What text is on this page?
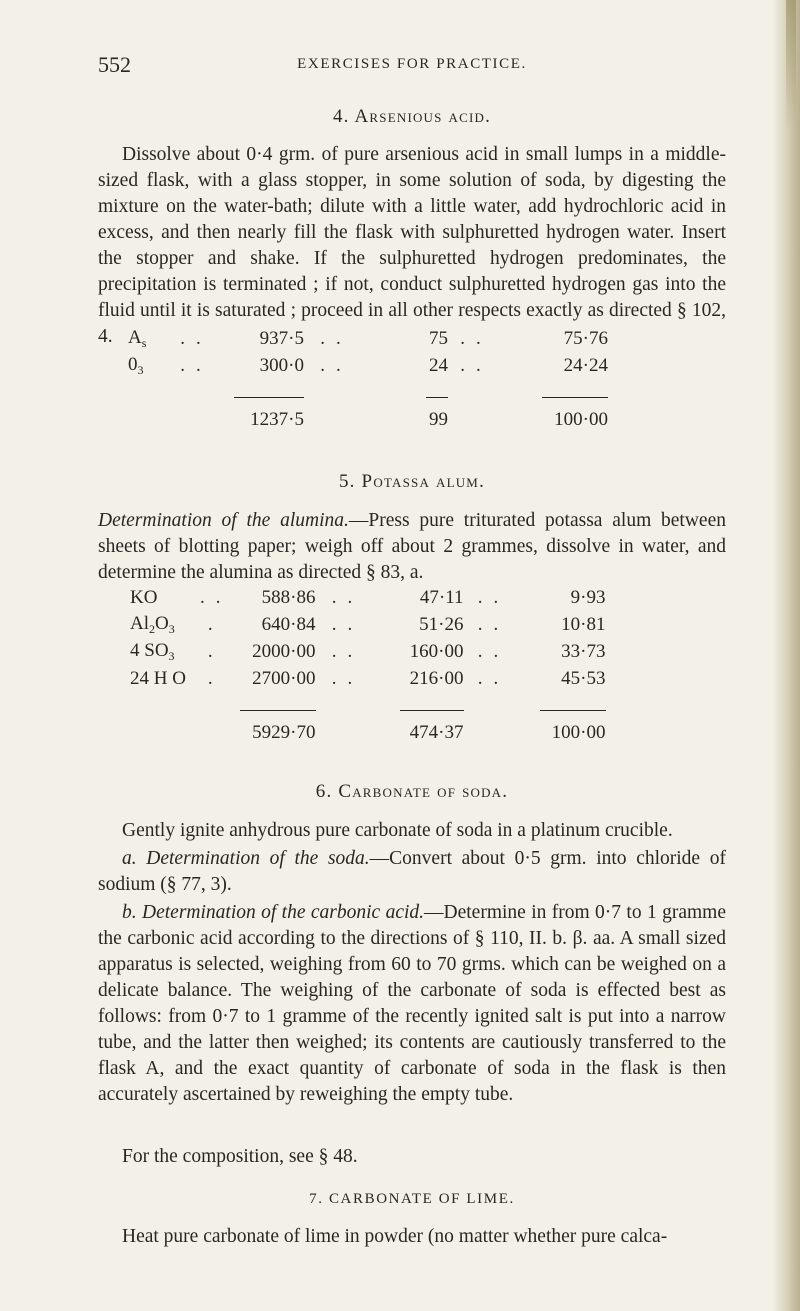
552	EXERCISES FOR PRACTICE.
4. Arsenious acid.

Dissolve about 0·4 grm. of pure arsenious acid in small lumps in a middle-sized flask, with a glass stopper, in some solution of soda, by digesting the mixture on the water-bath; dilute with a little water, add hydrochloric acid in excess, and then nearly fill the flask with sulphuretted hydrogen water. Insert the stopper and shake. If the sulphuretted hydrogen predominates, the precipitation is terminated ; if not, conduct sulphuretted hydrogen gas into the fluid until it is saturated ; proceed in all other respects exactly as directed § 102, 4. $A_s$	..	937·5	..	75	..	75·76
$0_3$	..	300·0	..	24	..	24·24

		1237·5		99		100·00
5. Potassa alum.

Determination of the alumina.—Press pure triturated potassa alum between sheets of blotting paper; weigh off about 2 grammes, dissolve in water, and determine the alumina as directed § 83, a.

KO	..	588·86	..	47·11	..	9·93
$Al_2O_3$	.	640·84	..	51·26	..	10·81
4 $SO_3$	.	2000·00	..	160·00	..	33·73
24 H O	.	2700·00	..	216·00	..	45·53

		5929·70		474·37		100·00
6. Carbonate of soda.

Gently ignite anhydrous pure carbonate of soda in a platinum crucible.

a. Determination of the soda.—Convert about 0·5 grm. into chloride of sodium (§ 77, 3).

b. Determination of the carbonic acid.—Determine in from 0·7 to 1 gramme the carbonic acid according to the directions of § 110, II. b. β. aa. A small sized apparatus is selected, weighing from 60 to 70 grms. which can be weighed on a delicate balance. The weighing of the carbonate of soda is effected best as follows: from 0·7 to 1 gramme of the recently ignited salt is put into a narrow tube, and the latter then weighed; its contents are cautiously transferred to the flask A, and the exact quantity of carbonate of soda in the flask is then accurately ascertained by reweighing the empty tube.

For the composition, see § 48.

7. CARBONATE OF LIME.

Heat pure carbonate of lime in powder (no matter whether pure calca-
